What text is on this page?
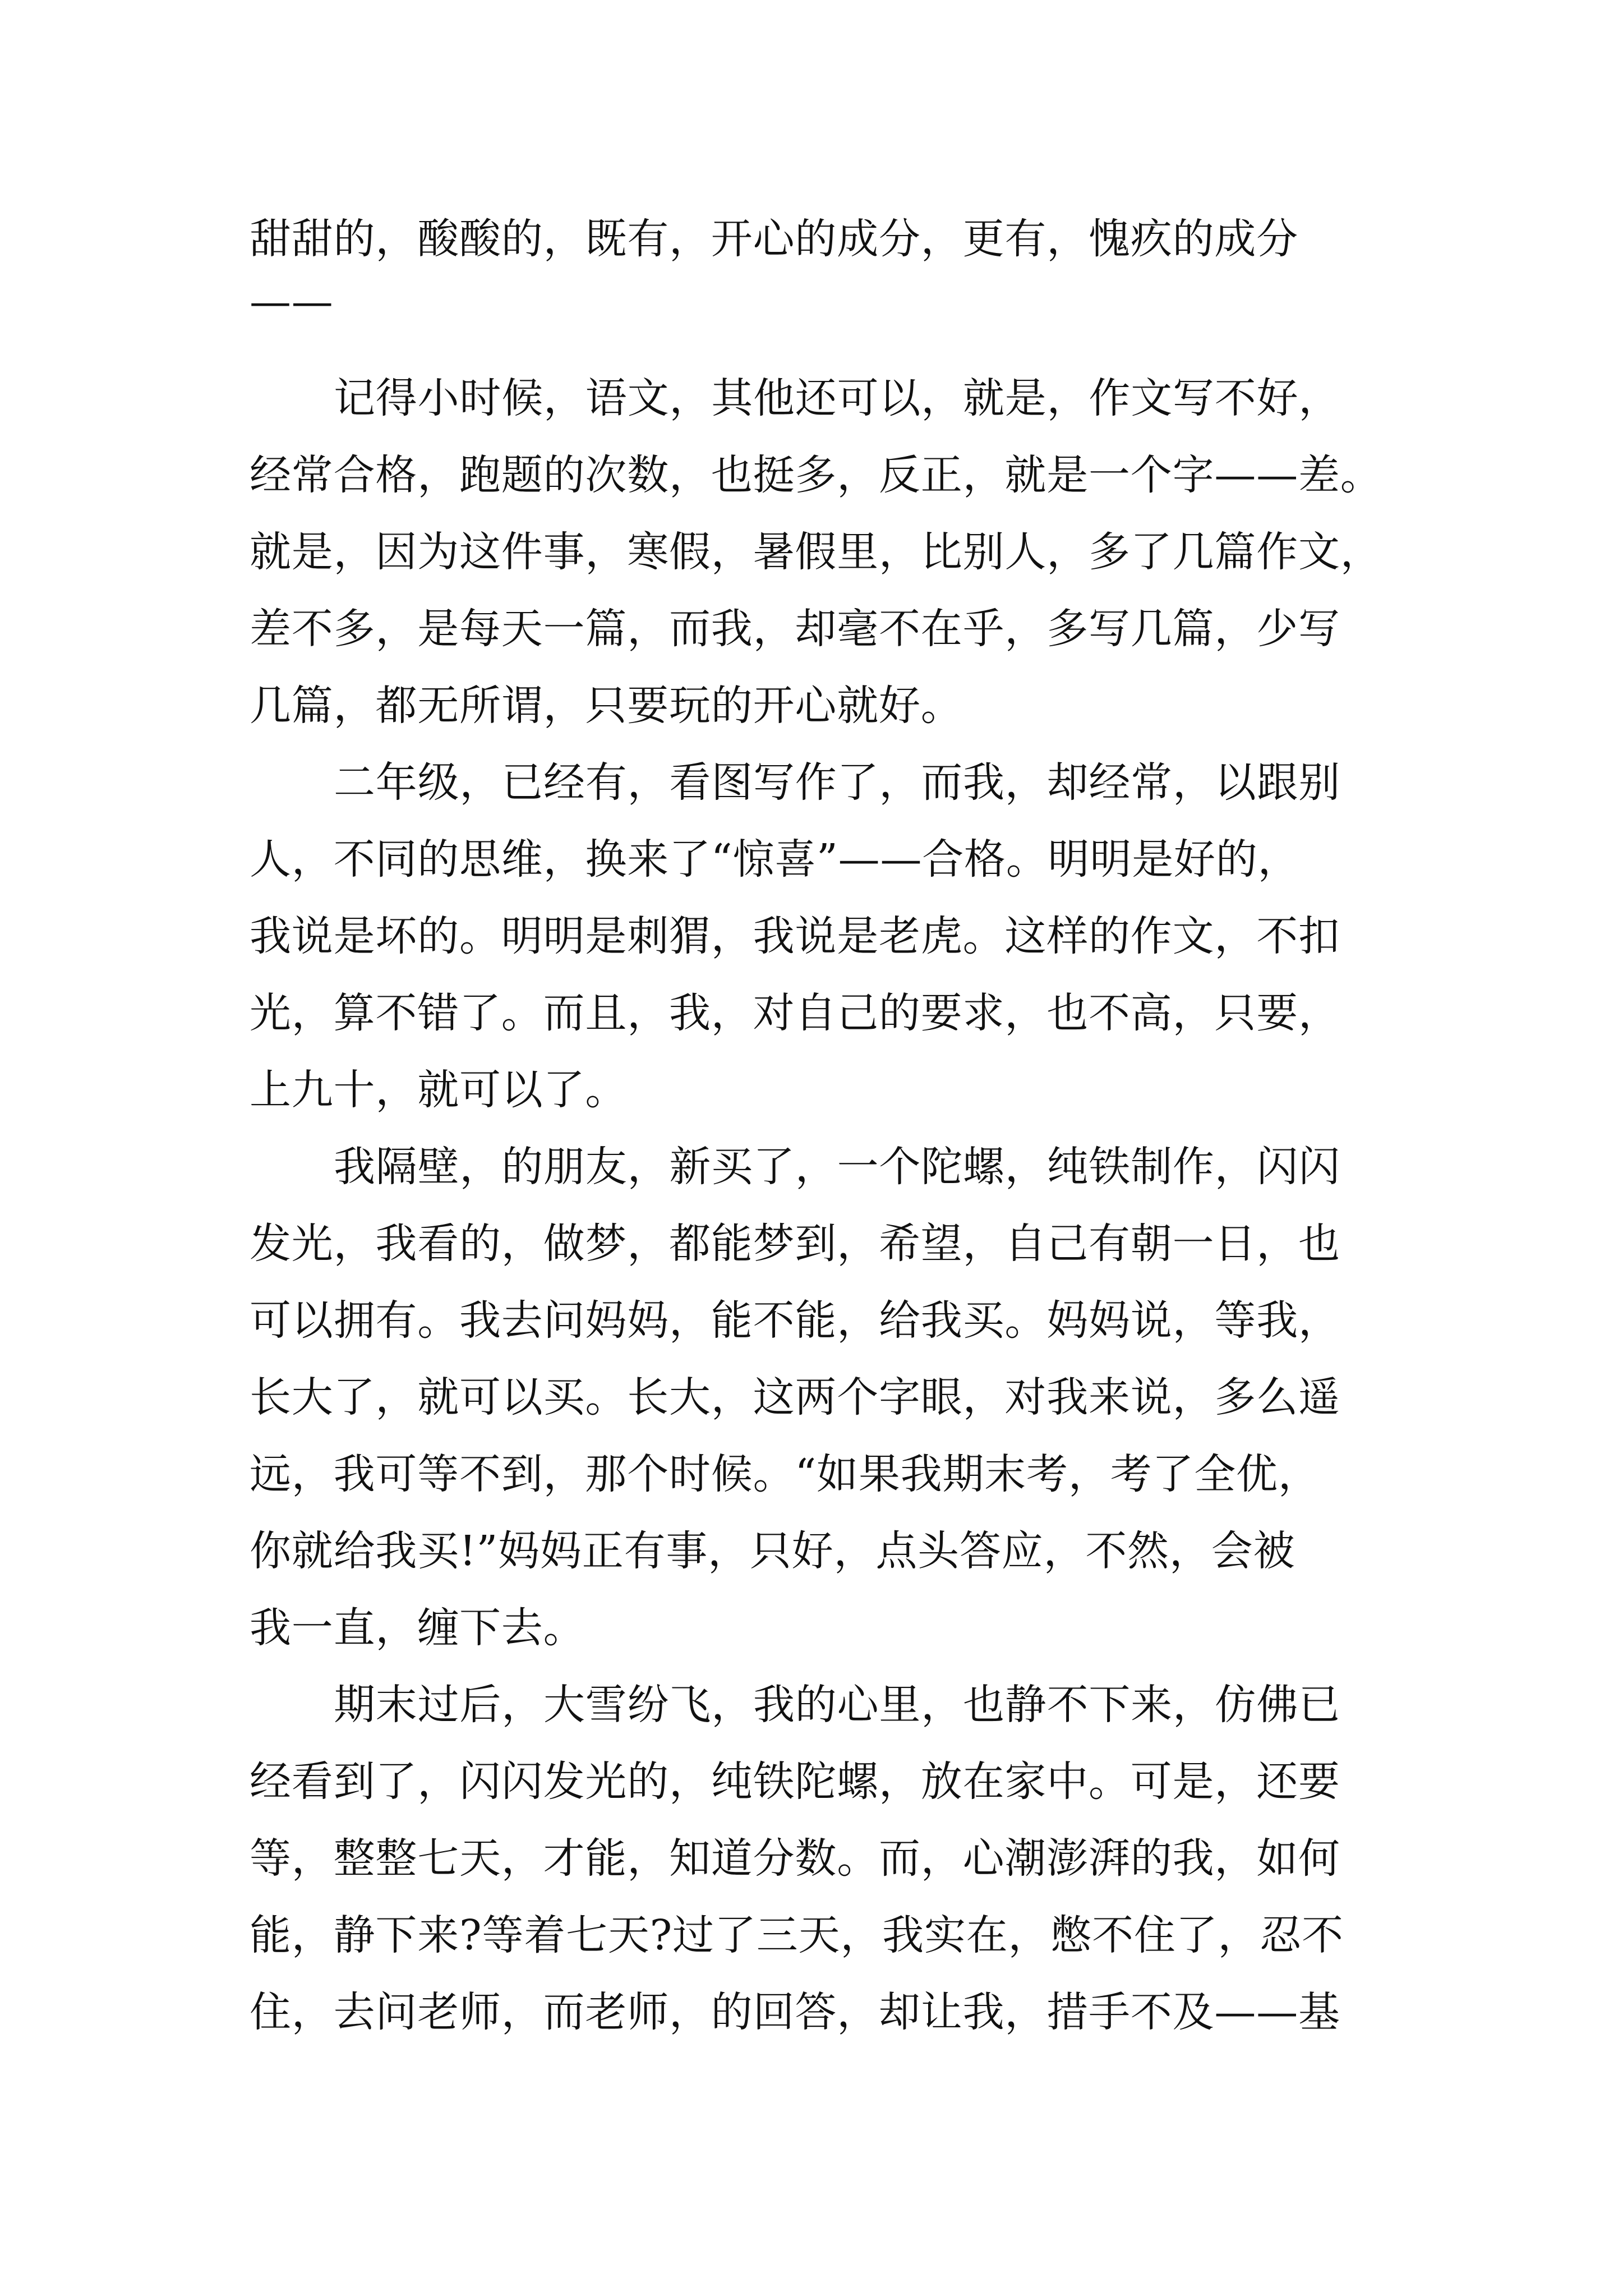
甜甜的，酸酸的，既有，开心的成分，更有，愧疚的成分
——
记得小时候，语文，其他还可以，就是，作文写不好，
经常合格，跑题的次数，也挺多，反正，就是一个字——差。
就是，因为这件事，寒假，暑假里，比别人，多了几篇作文，
差不多，是每天一篇，而我，却毫不在乎，多写几篇，少写
几篇，都无所谓，只要玩的开心就好。
二年级，已经有，看图写作了，而我，却经常，以跟别
人，不同的思维，换来了“惊喜”——合格。明明是好的，
我说是坏的。明明是刺猬，我说是老虎。这样的作文，不扣
光，算不错了。而且，我，对自己的要求，也不高，只要，
上九十，就可以了。
我隔壁，的朋友，新买了，一个陀螺，纯铁制作，闪闪
发光，我看的，做梦，都能梦到，希望，自己有朝一日，也
可以拥有。我去问妈妈，能不能，给我买。妈妈说，等我，
长大了，就可以买。长大，这两个字眼，对我来说，多么遥
远，我可等不到，那个时候。“如果我期末考，考了全优，
你就给我买!”妈妈正有事，只好，点头答应，不然，会被
我一直，缠下去。
期末过后，大雪纷飞，我的心里，也静不下来，仿佛已
经看到了，闪闪发光的，纯铁陀螺，放在家中。可是，还要
等，整整七天，才能，知道分数。而，心潮澎湃的我，如何
能，静下来?等着七天?过了三天，我实在，憋不住了，忍不
住，去问老师，而老师，的回答，却让我，措手不及——基
